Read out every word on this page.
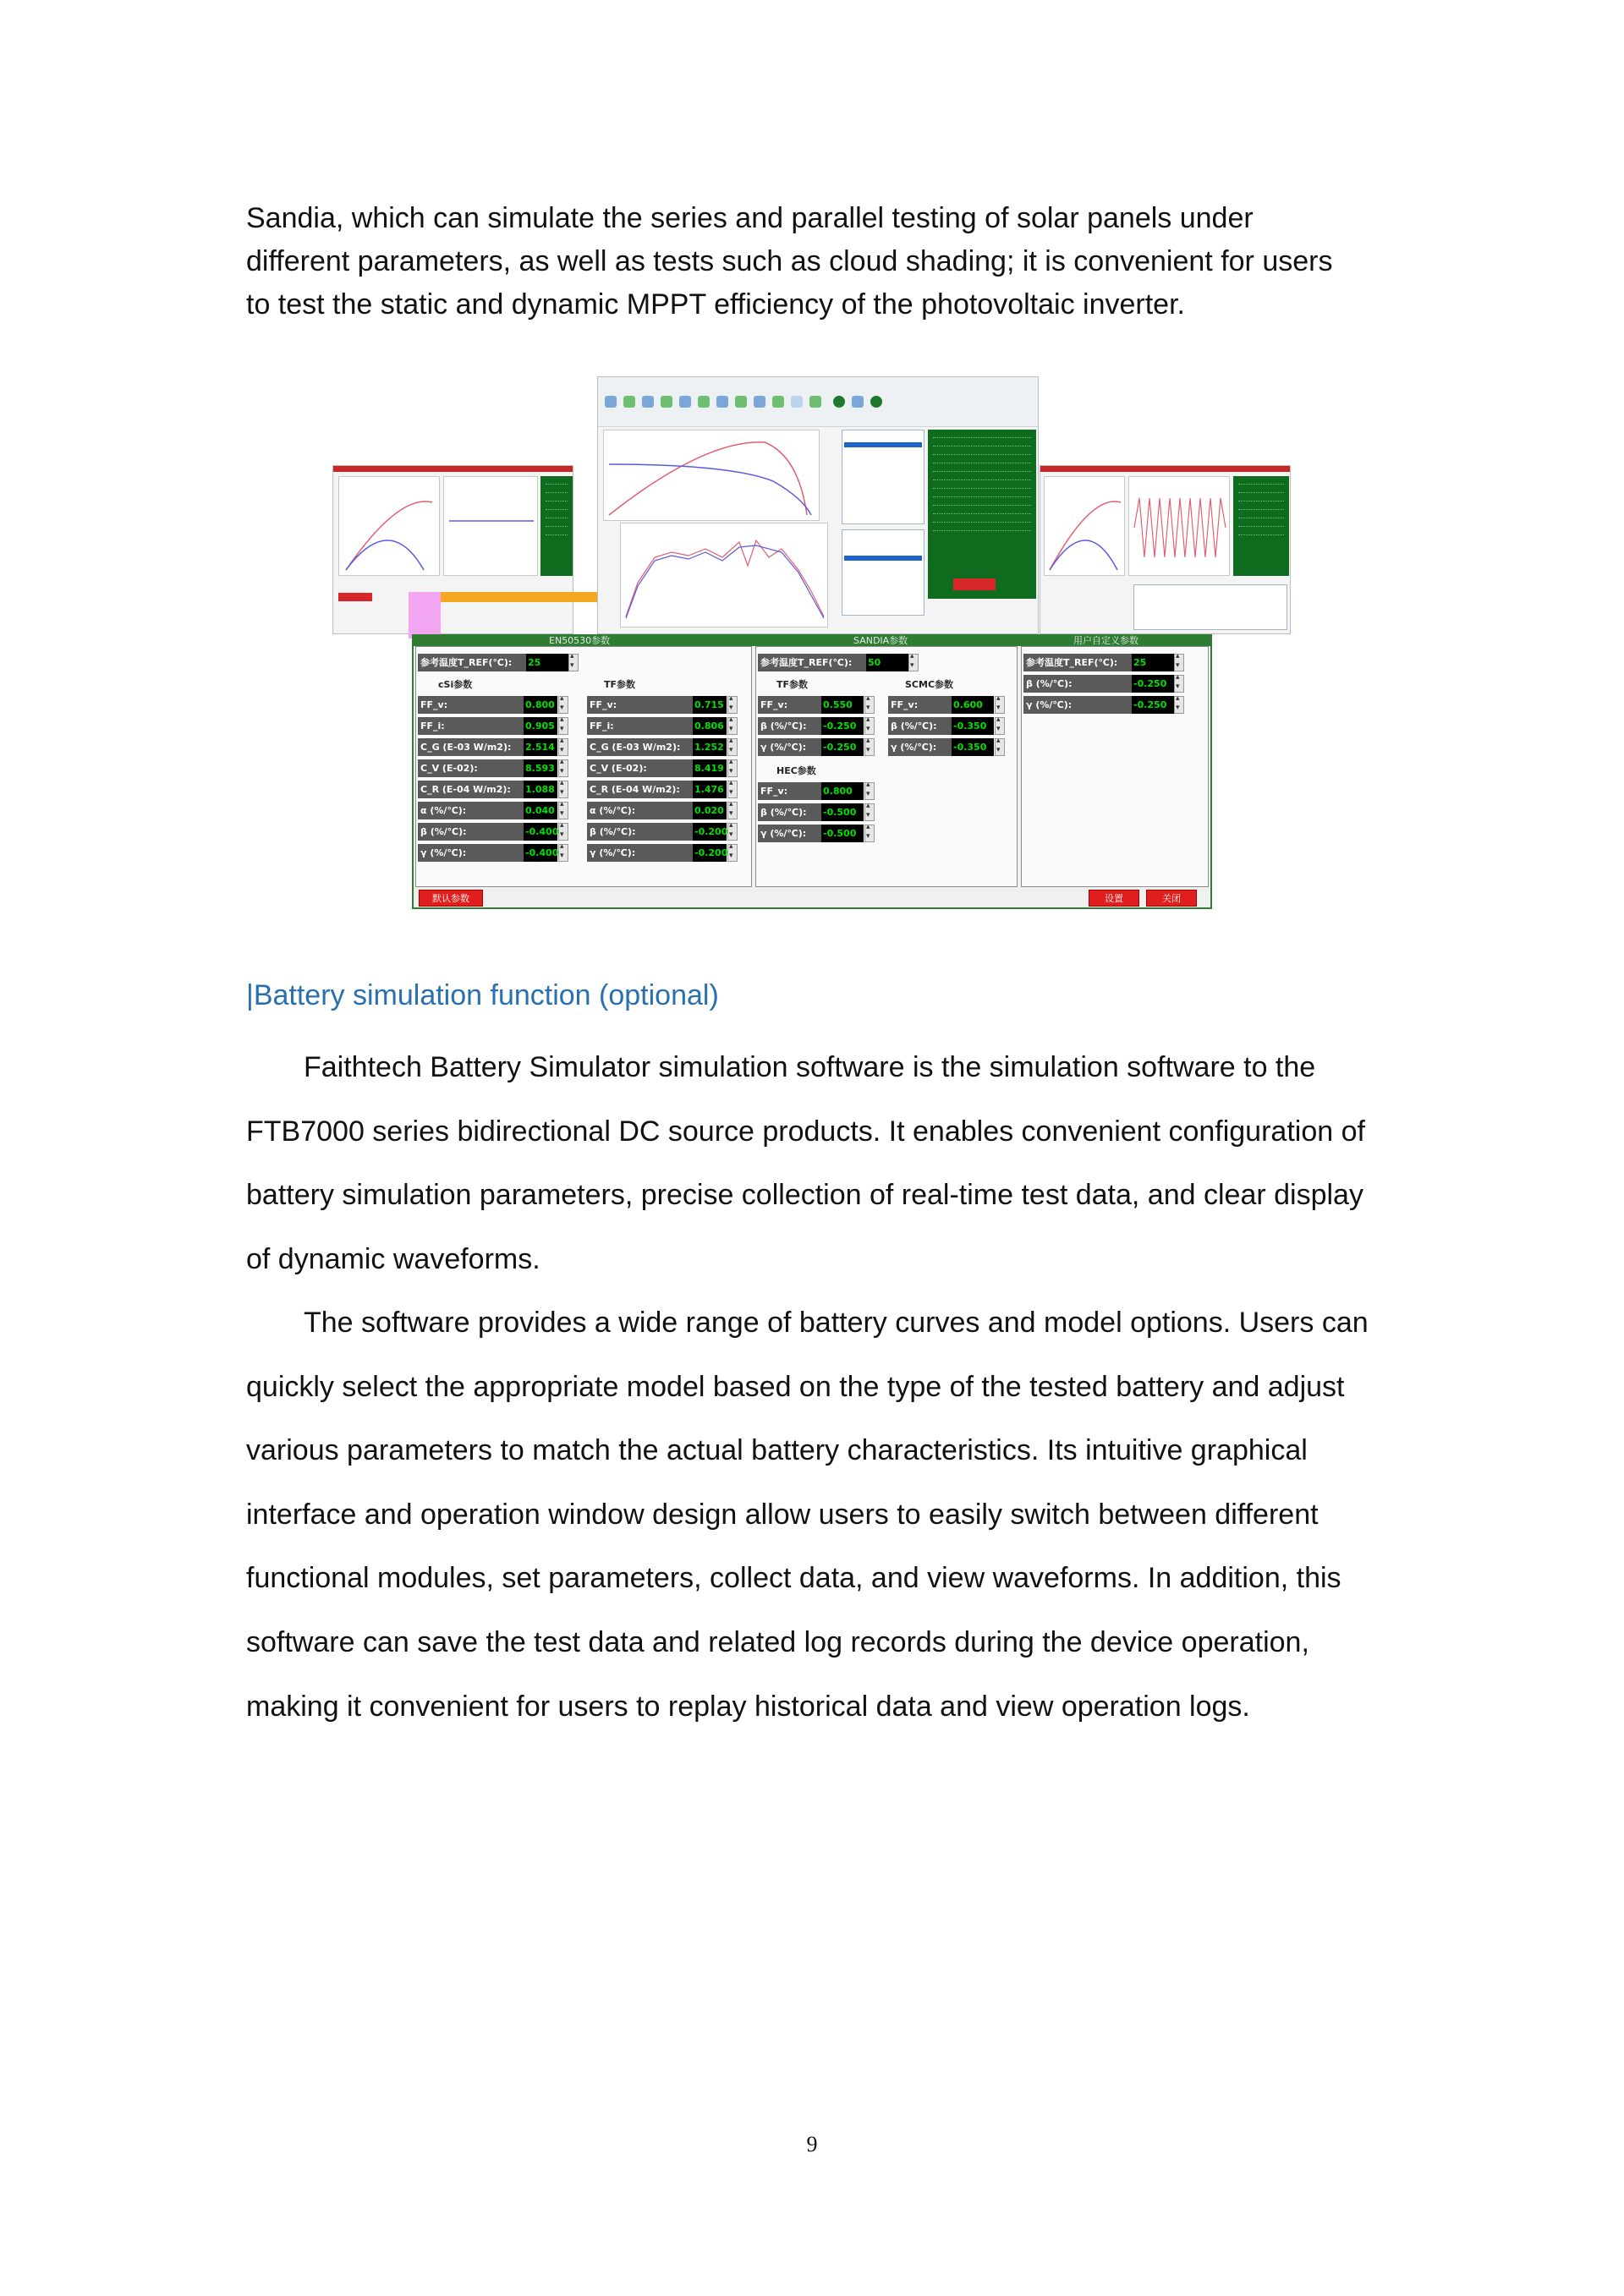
Sandia, which can simulate the series and parallel testing of solar panels under
different parameters, as well as tests such as cloud shading; it is convenient for users
to test the static and dynamic MPPT efficiency of the photovoltaic inverter.
EN50530参数	SANDIA参数	用户自定义参数
参考温度T_REF(℃):	25
▴ ▾
cSi参数	TF参数
FF_v:	0.800
▴ ▾
FF_i:	0.905
▴ ▾
C_G (E-03 W/m2):	2.514
▴ ▾
C_V (E-02):	8.593
▴ ▾
C_R (E-04 W/m2):	1.088
▴ ▾
α (%/℃):	0.040
▴ ▾
β (%/℃):	-0.400
▴ ▾
γ (%/℃):	-0.400
▴ ▾
FF_v:	0.715
▴ ▾
FF_i:	0.806
▴ ▾
C_G (E-03 W/m2):	1.252
▴ ▾
C_V (E-02):	8.419
▴ ▾
C_R (E-04 W/m2):	1.476
▴ ▾
α (%/℃):	0.020
▴ ▾
β (%/℃):	-0.200
▴ ▾
γ (%/℃):	-0.200
▴ ▾
参考温度T_REF(℃):	50
▴ ▾
TF参数	SCMC参数
FF_v:	0.550
▴ ▾
β (%/℃):	-0.250
▴ ▾
γ (%/℃):	-0.250
▴ ▾
FF_v:	0.600
▴ ▾
β (%/℃):	-0.350
▴ ▾
γ (%/℃):	-0.350
▴ ▾
HEC参数
FF_v:	0.800
▴ ▾
β (%/℃):	-0.500
▴ ▾
γ (%/℃):	-0.500
▴ ▾
参考温度T_REF(℃):	25
▴ ▾
β (%/℃):	-0.250
▴ ▾
γ (%/℃):	-0.250
▴ ▾
默认参数	设置	关闭
|Battery simulation function (optional)
Faithtech Battery Simulator simulation software is the simulation software to the
FTB7000 series bidirectional DC source products. It enables convenient configuration of
battery simulation parameters, precise collection of real-time test data, and clear display
of dynamic waveforms.
The software provides a wide range of battery curves and model options. Users can
quickly select the appropriate model based on the type of the tested battery and adjust
various parameters to match the actual battery characteristics. Its intuitive graphical
interface and operation window design allow users to easily switch between different
functional modules, set parameters, collect data, and view waveforms. In addition, this
software can save the test data and related log records during the device operation,
making it convenient for users to replay historical data and view operation logs.
9
